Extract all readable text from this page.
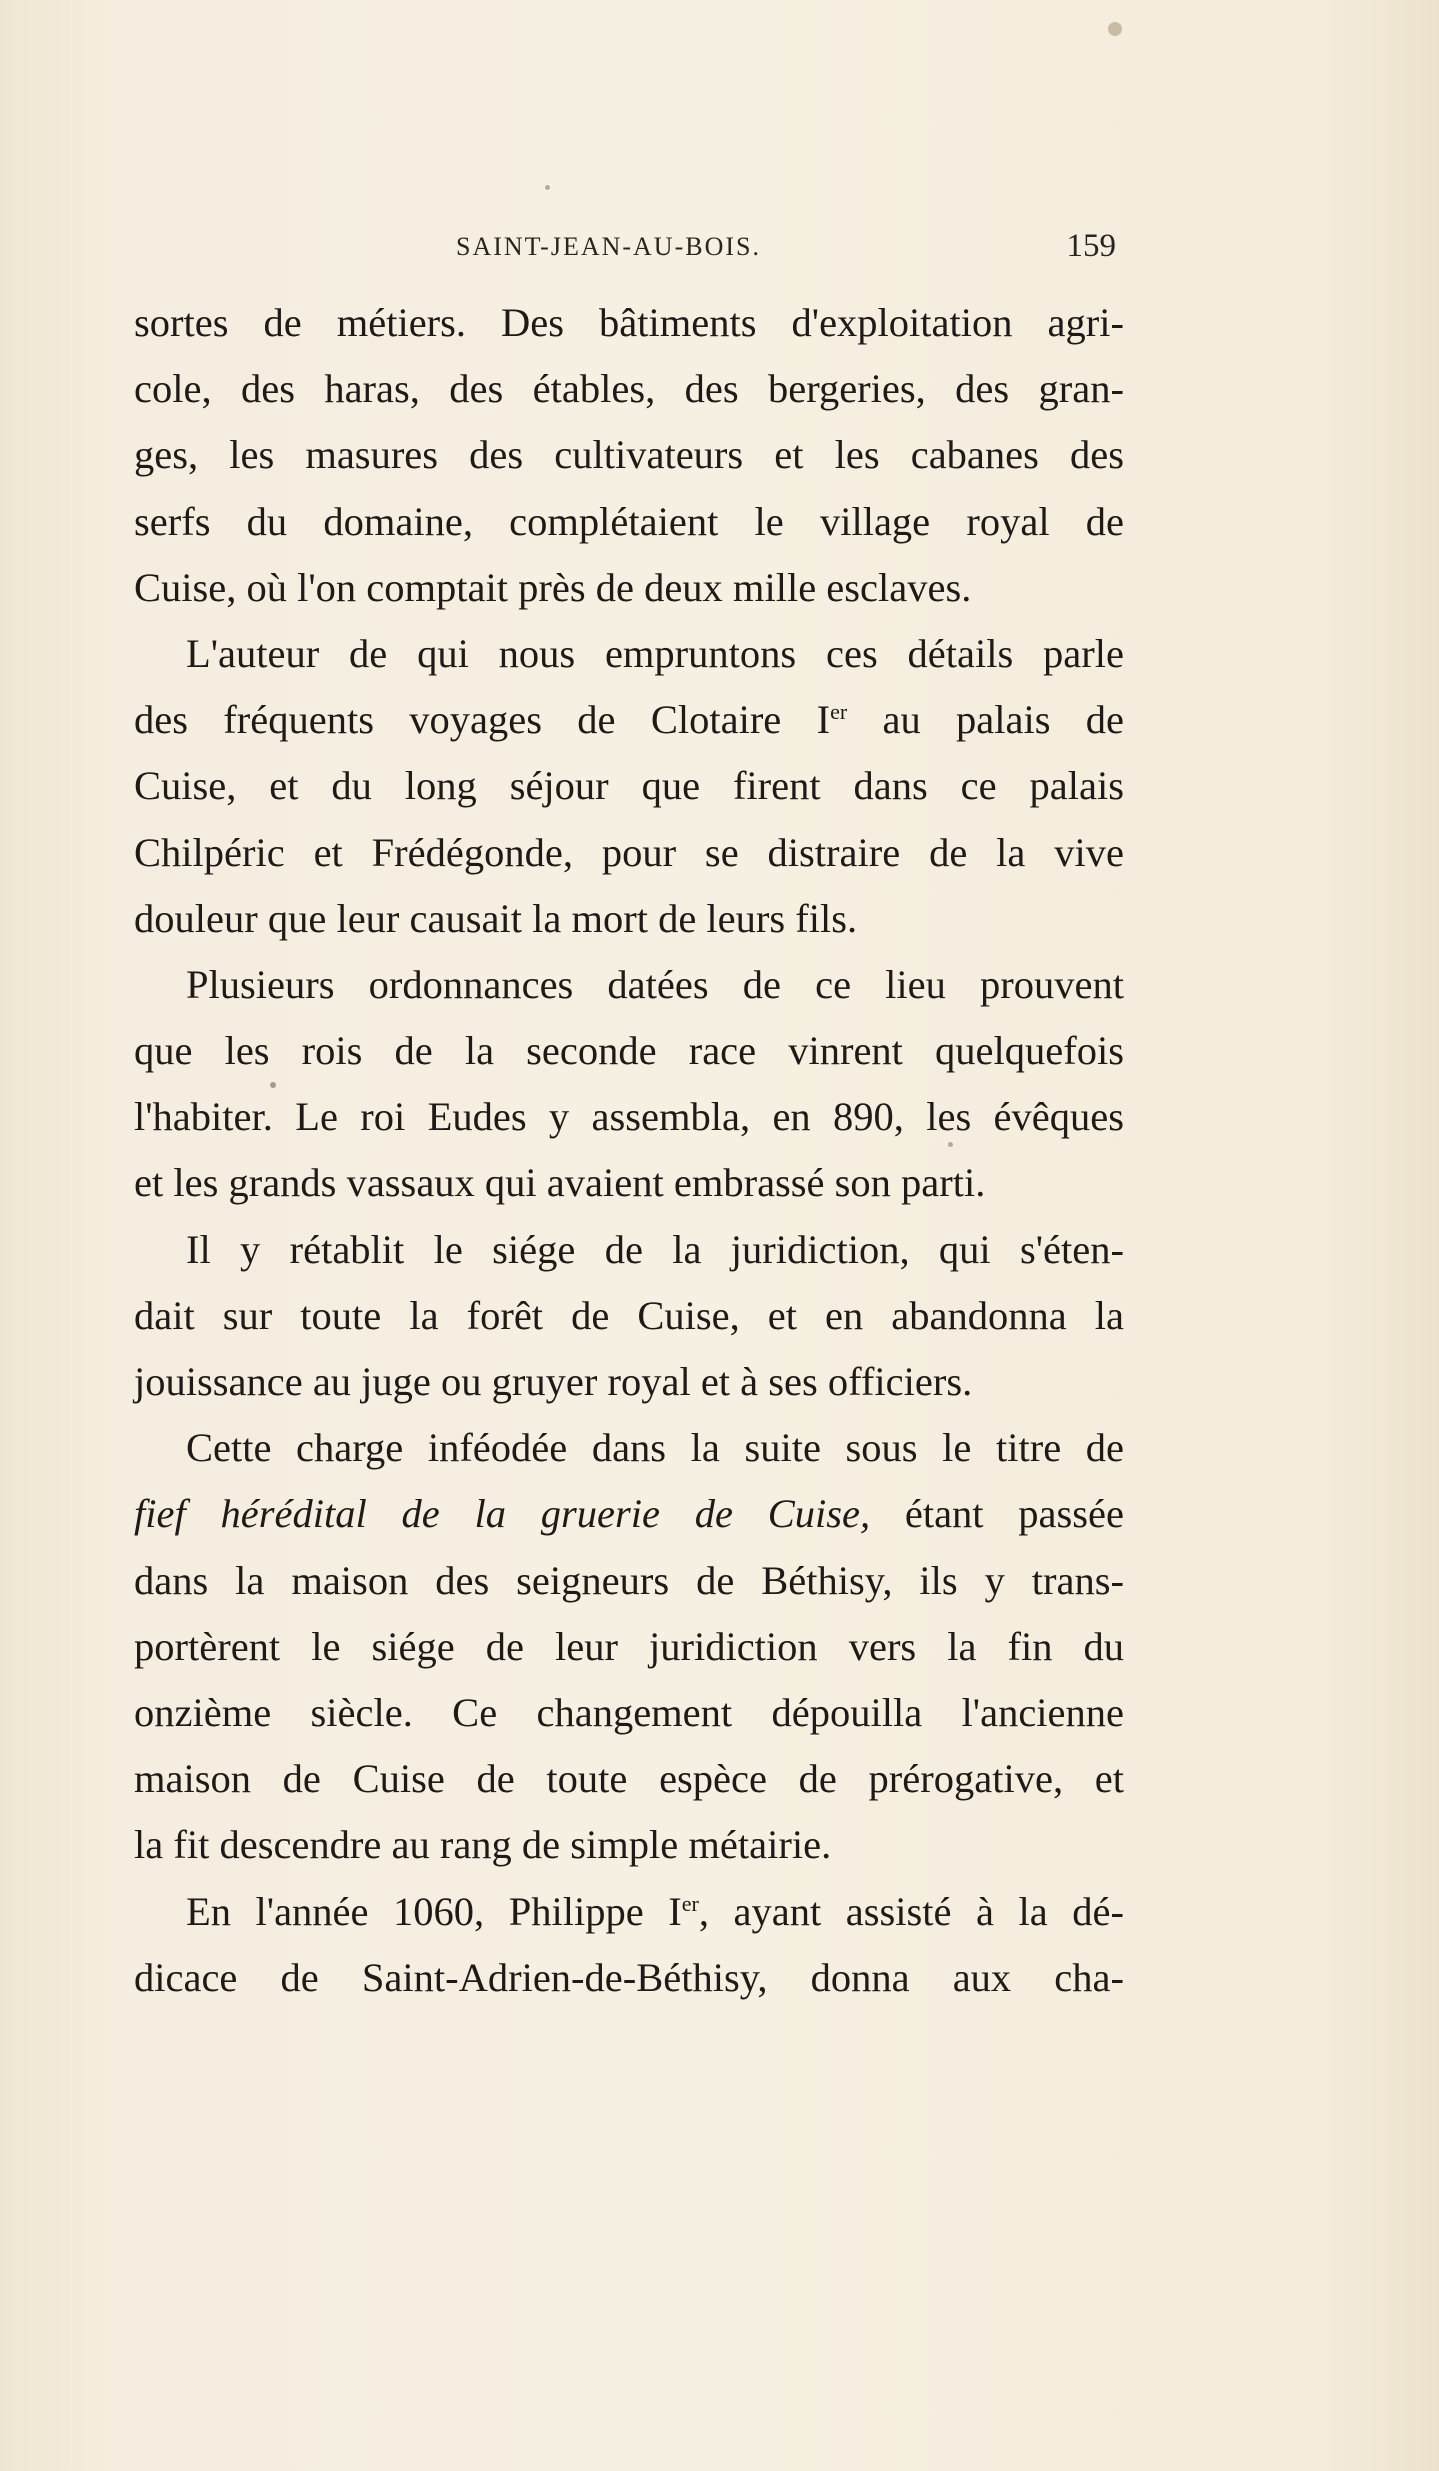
SAINT-JEAN-AU-BOIS.	159
sortes de métiers. Des bâtiments d'exploitation agri-
cole, des haras, des étables, des bergeries, des gran-
ges, les masures des cultivateurs et les cabanes des
serfs du domaine, complétaient le village royal de
Cuise, où l'on comptait près de deux mille esclaves.
L'auteur de qui nous empruntons ces détails parle
des fréquents voyages de Clotaire Ier au palais de
Cuise, et du long séjour que firent dans ce palais
Chilpéric et Frédégonde, pour se distraire de la vive
douleur que leur causait la mort de leurs fils.
Plusieurs ordonnances datées de ce lieu prouvent
que les rois de la seconde race vinrent quelquefois
l'habiter. Le roi Eudes y assembla, en 890, les évêques
et les grands vassaux qui avaient embrassé son parti.
Il y rétablit le siége de la juridiction, qui s'éten-
dait sur toute la forêt de Cuise, et en abandonna la
jouissance au juge ou gruyer royal et à ses officiers.
Cette charge inféodée dans la suite sous le titre de
fief hérédital de la gruerie de Cuise, étant passée
dans la maison des seigneurs de Béthisy, ils y trans-
portèrent le siége de leur juridiction vers la fin du
onzième siècle. Ce changement dépouilla l'ancienne
maison de Cuise de toute espèce de prérogative, et
la fit descendre au rang de simple métairie.
En l'année 1060, Philippe Ier, ayant assisté à la dé-
dicace de Saint-Adrien-de-Béthisy, donna aux cha-
